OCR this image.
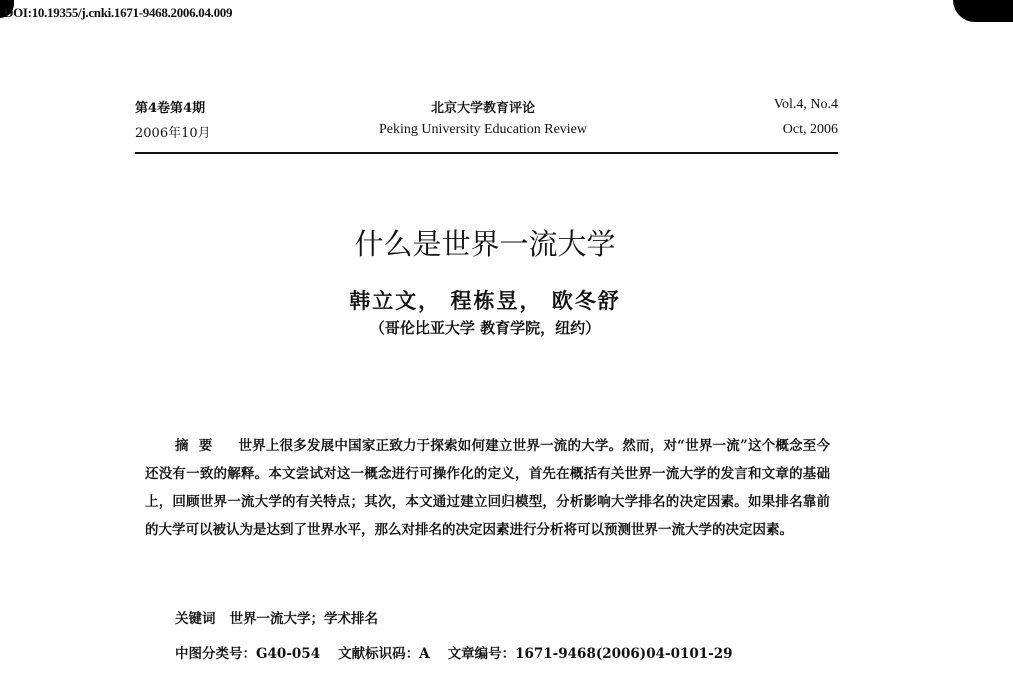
DOI:10.19355/j.cnki.1671-9468.2006.04.009
第4卷第4期
2006年10月
北京大学教育评论
Peking University Education Review
Vol.4, No.4
Oct, 2006
什么是世界一流大学
韩立文， 程栋昱， 欧冬舒
（哥伦比亚大学 教育学院，纽约）
摘要 世界上很多发展中国家正致力于探索如何建立世界一流的大学。然而，对“世界一流”这个概念至今还没有一致的解释。本文尝试对这一概念进行可操作化的定义，首先在概括有关世界一流大学的发言和文章的基础上，回顾世界一流大学的有关特点；其次，本文通过建立回归模型，分析影响大学排名的决定因素。如果排名靠前的大学可以被认为是达到了世界水平，那么对排名的决定因素进行分析将可以预测世界一流大学的决定因素。
关键词 世界一流大学；学术排名
中图分类号：G40-054 文献标识码：A 文章编号：1671-9468(2006)04-0101-29
